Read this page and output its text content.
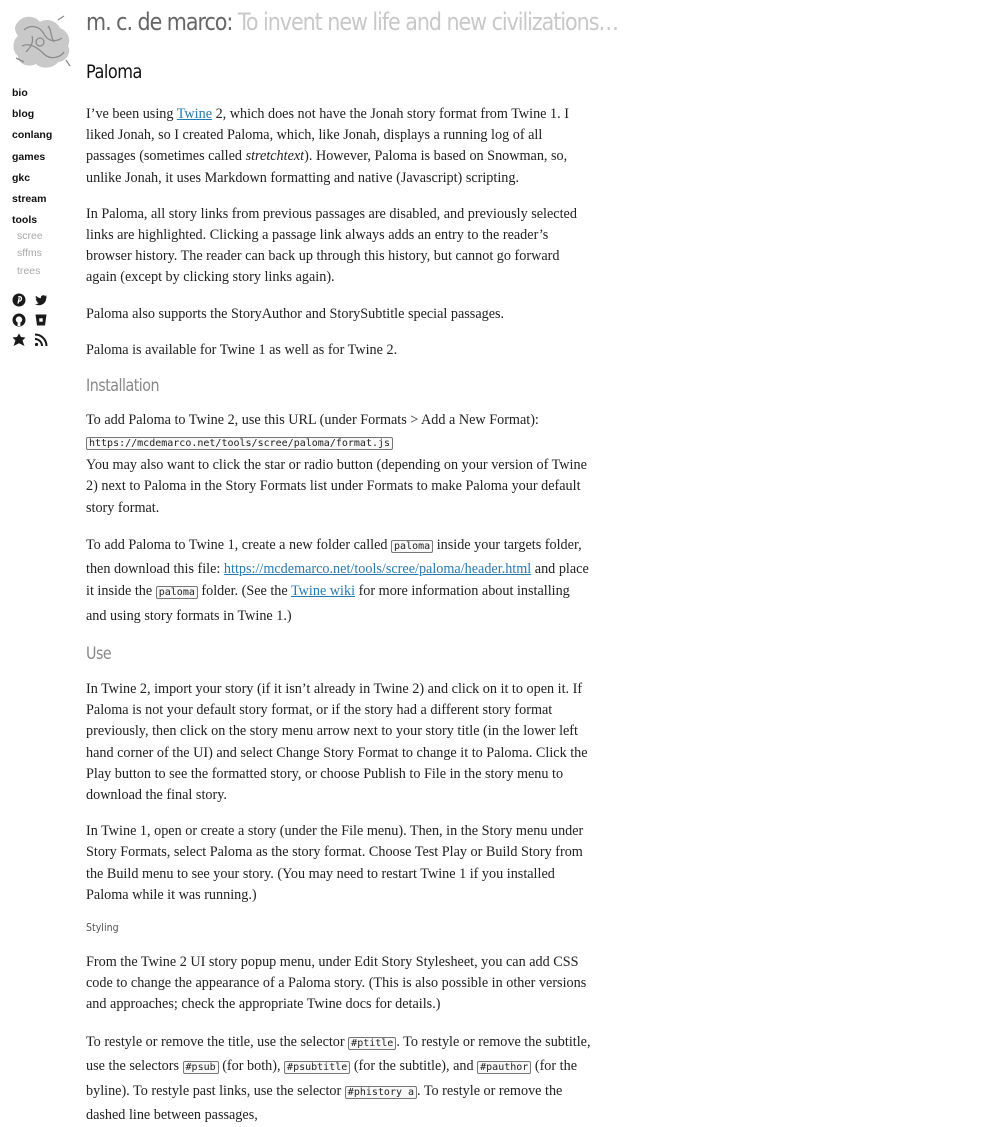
m. c. de marco: To invent new life and new civilizations…
bio
blog
conlang
games
gkc
stream
tools
scree
sffms
trees
Paloma

I’ve been using Twine 2, which does not have the Jonah story format from Twine 1. I liked Jonah, so I created Paloma, which, like Jonah, displays a running log of all passages (sometimes called stretchtext). However, Paloma is based on Snowman, so, unlike Jonah, it uses Markdown formatting and native (Javascript) scripting.

In Paloma, all story links from previous passages are disabled, and previously selected links are highlighted. Clicking a passage link always adds an entry to the reader’s browser history. The reader can back up through this history, but cannot go forward again (except by clicking story links again).

Paloma also supports the StoryAuthor and StorySubtitle special passages.

Paloma is available for Twine 1 as well as for Twine 2.

Installation

To add Paloma to Twine 2, use this URL (under Formats > Add a New Format):

https://mcdemarco.net/tools/scree/paloma/format.js

You may also want to click the star or radio button (depending on your version of Twine 2) next to Paloma in the Story Formats list under Formats to make Paloma your default story format.

To add Paloma to Twine 1, create a new folder called paloma inside your targets folder, then download this file: https://mcdemarco.net/tools/scree/paloma/header.html and place it inside the paloma folder. (See the Twine wiki for more information about installing and using story formats in Twine 1.)

Use

In Twine 2, import your story (if it isn’t already in Twine 2) and click on it to open it. If Paloma is not your default story format, or if the story had a different story format previously, then click on the story menu arrow next to your story title (in the lower left hand corner of the UI) and select Change Story Format to change it to Paloma. Click the Play button to see the formatted story, or choose Publish to File in the story menu to download the final story.

In Twine 1, open or create a story (under the File menu). Then, in the Story menu under Story Formats, select Paloma as the story format. Choose Test Play or Build Story from the Build menu to see your story. (You may need to restart Twine 1 if you installed Paloma while it was running.)

Styling

From the Twine 2 UI story popup menu, under Edit Story Stylesheet, you can add CSS code to change the appearance of a Paloma story. (This is also possible in other versions and approaches; check the appropriate Twine docs for details.)

To restyle or remove the title, use the selector #ptitle . To restyle or remove the subtitle, use the selectors #psub (for both), #psubtitle (for the subtitle), and #pauthor (for the byline). To restyle past links, use the selector #phistory a . To restyle or remove the dashed line between passages,
